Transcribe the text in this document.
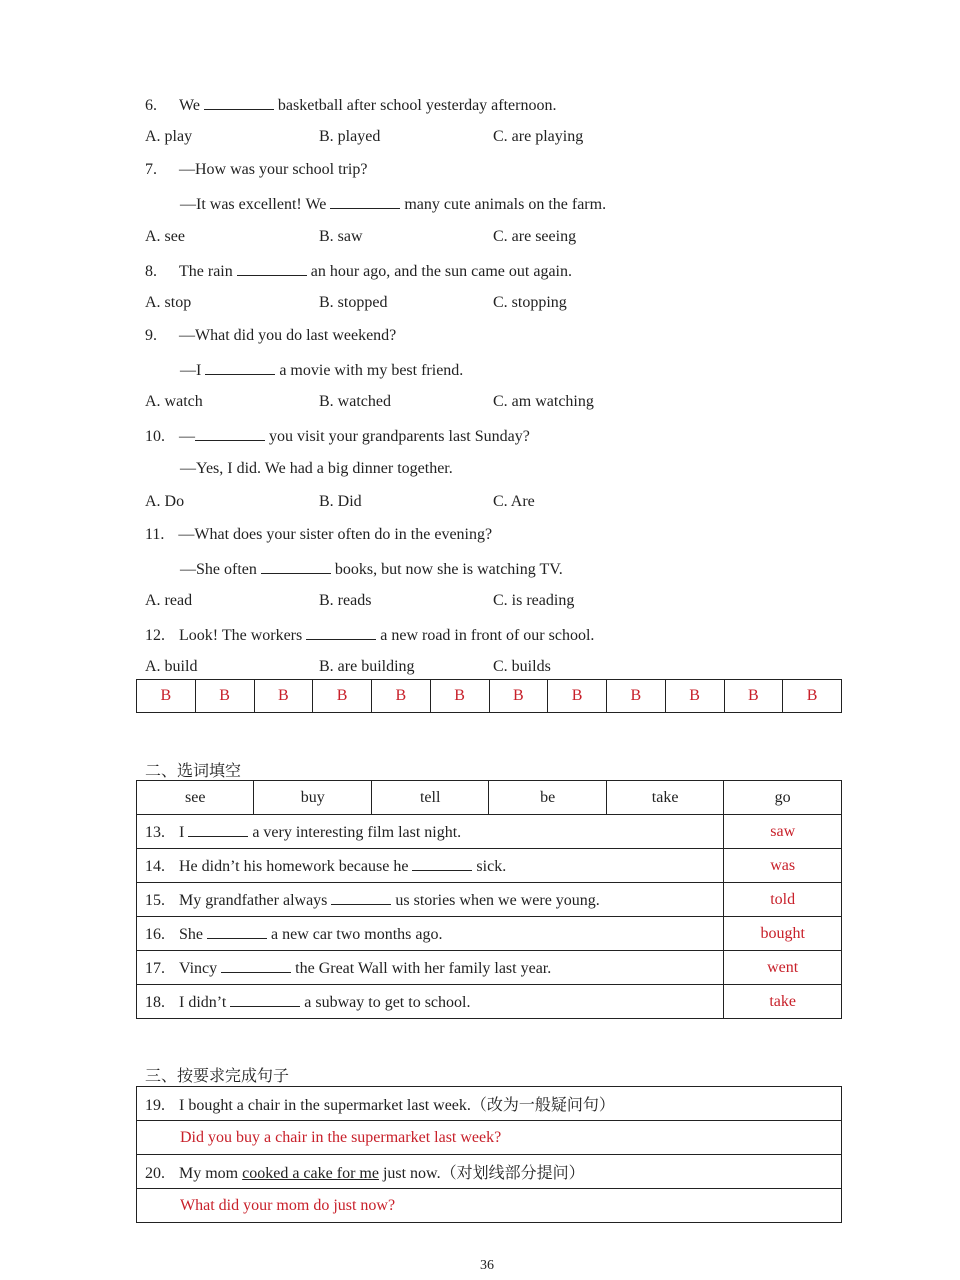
6. We	basketball after school yesterday afternoon.
A. play	B. played	C. are playing
7. —How was your school trip?
—It was excellent! We	many cute animals on the farm.
A. see	B. saw	C. are seeing
8. The rain	an hour ago, and the sun came out again.
A. stop	B. stopped	C. stopping
9. —What did you do last weekend?
—I	a movie with my best friend.
A. watch	B. watched	C. am watching
10. —	you visit your grandparents last Sunday?
—Yes, I did. We had a big dinner together.
A. Do	B. Did	C. Are
11. —What does your sister often do in the evening?
—She often	books, but now she is watching TV.
A. read	B. reads	C. is reading
12. Look! The workers	a new road in front of our school.
A. build	B. are building	C. builds
B	B	B	B	B	B	B	B	B	B	B	B
二、选词填空
see	buy	tell	be	take	go
13. I a very interesting film last night.					saw
14. He didn’t his homework because he sick.					was
15. My grandfather always us stories when we were young.					told
16. She a new car two months ago.					bought
17. Vincy the Great Wall with her family last year.					went
18. I didn’t a subway to get to school.					take
三、按要求完成句子
19. I bought a chair in the supermarket last week.（改为一般疑问句）
Did you buy a chair in the supermarket last week?
20. My mom cooked a cake for me just now.（对划线部分提问）
What did your mom do just now?
36
